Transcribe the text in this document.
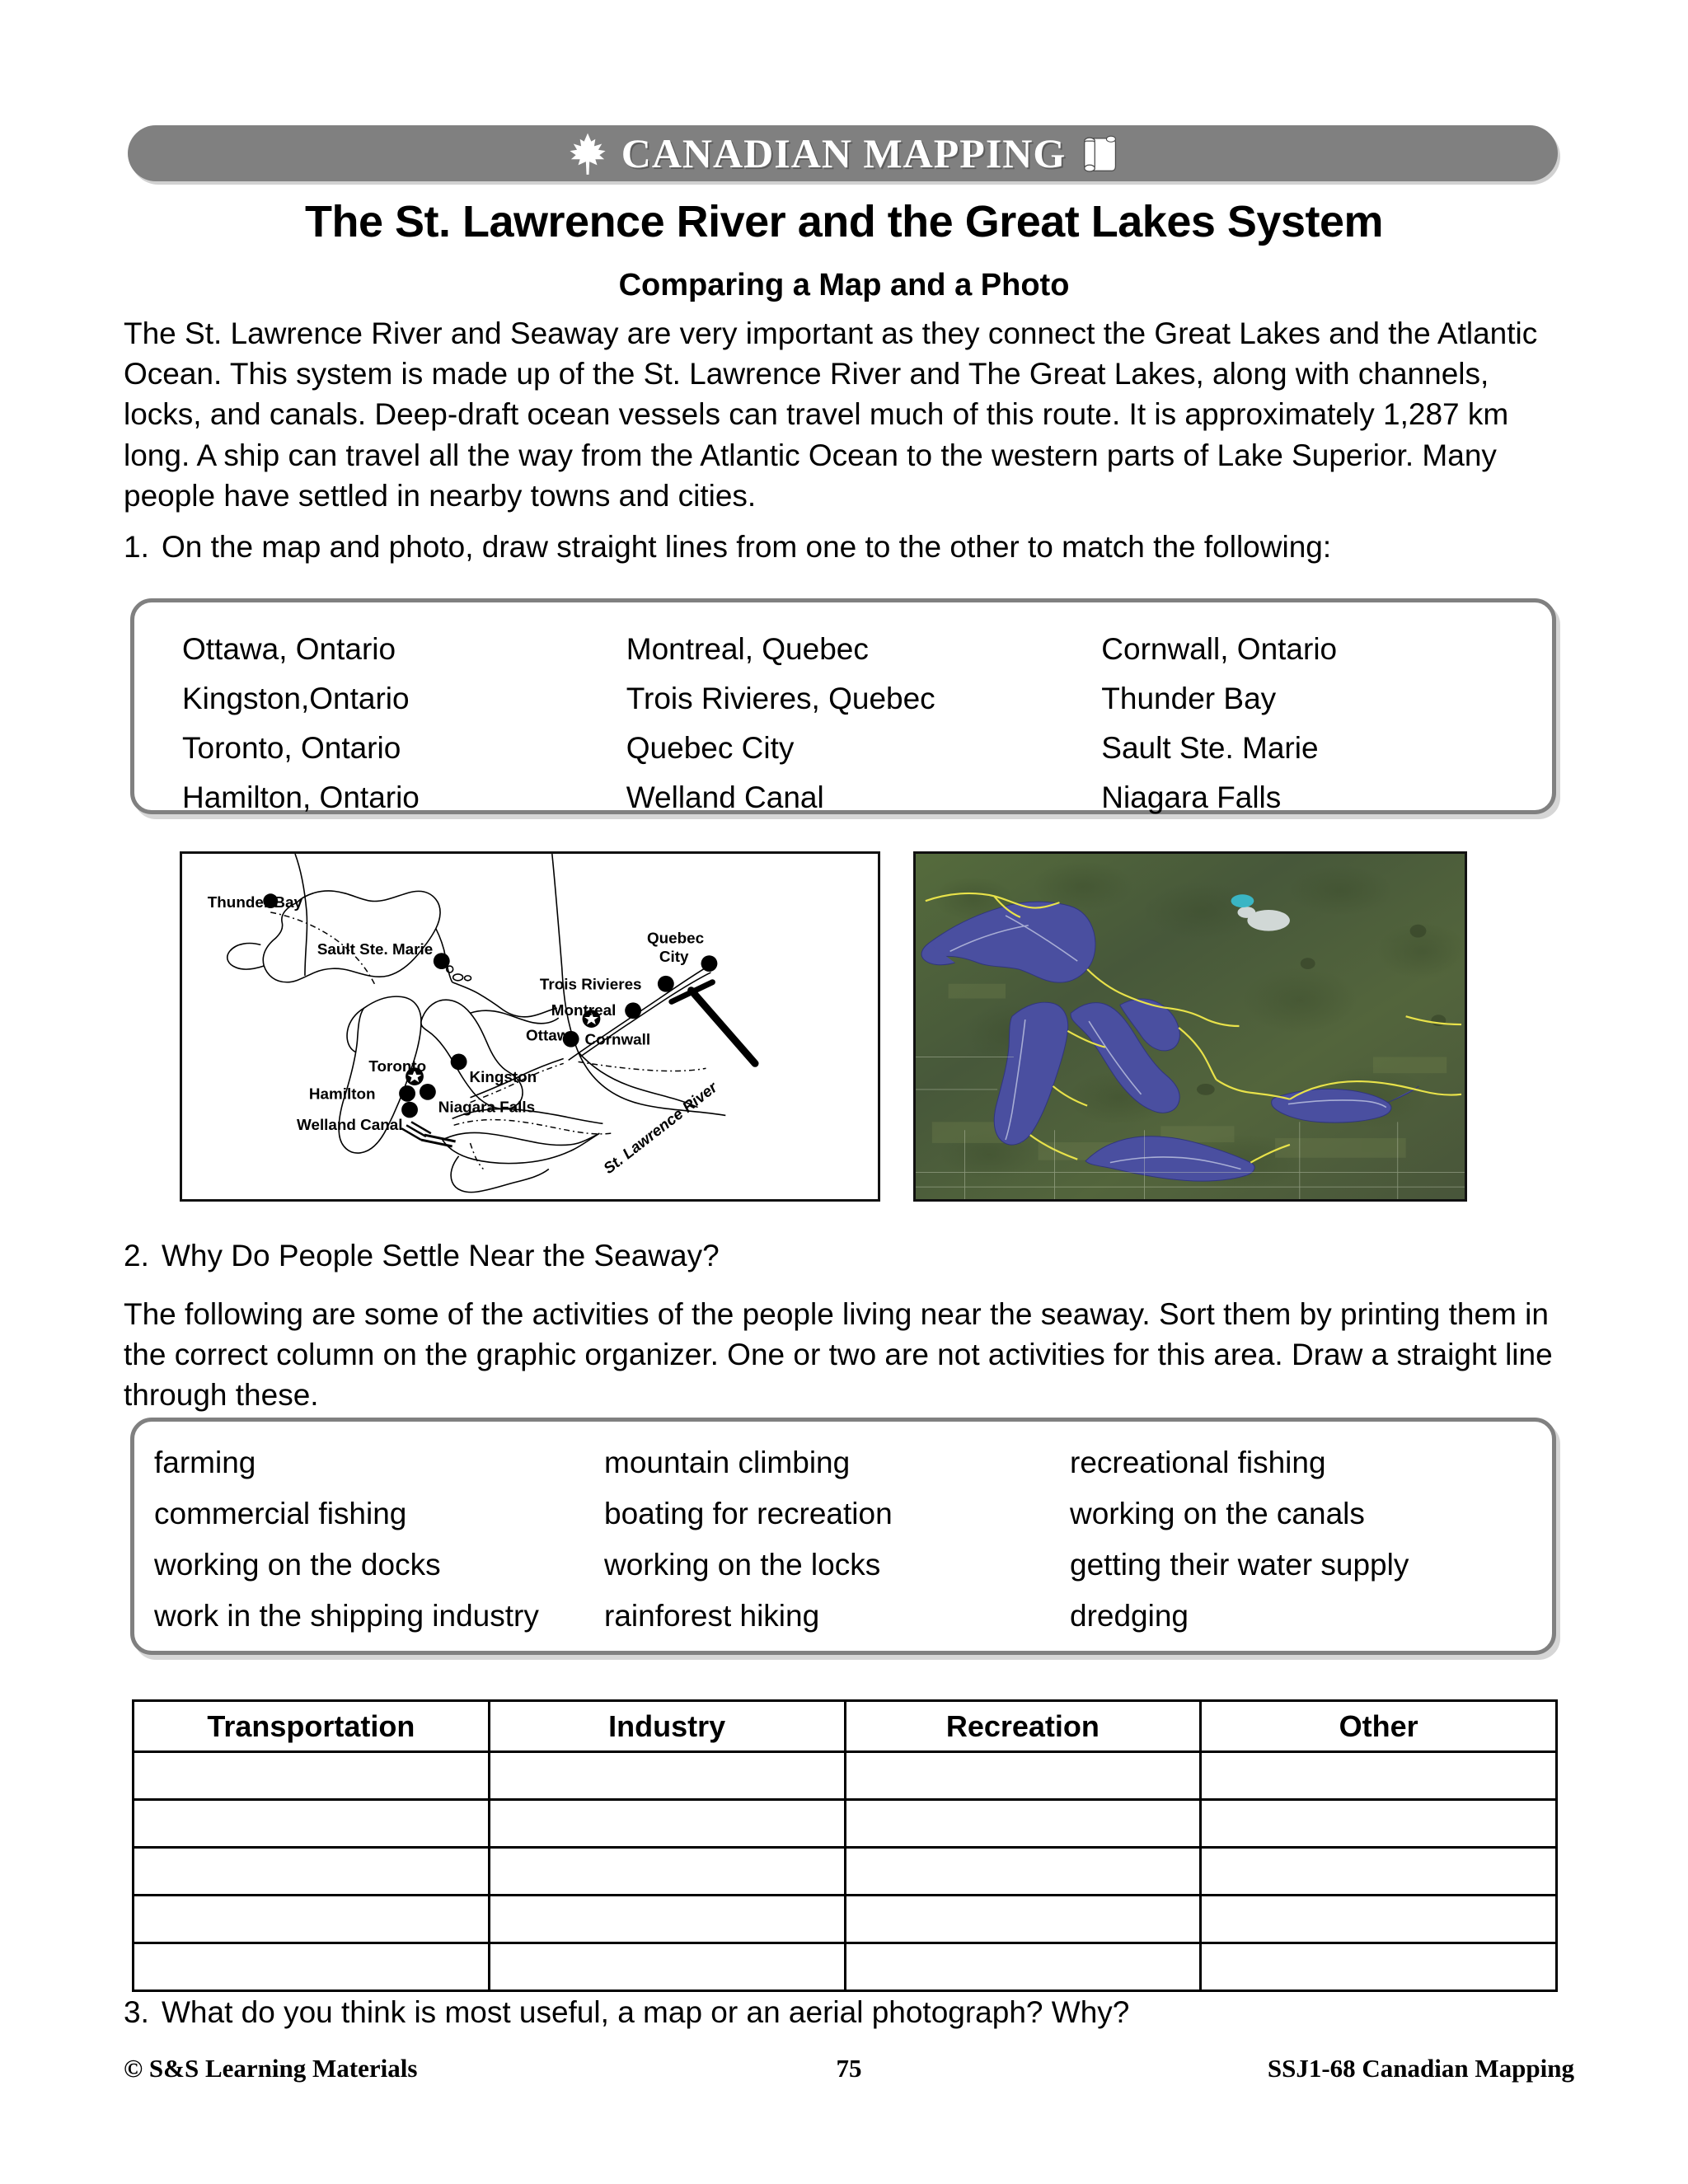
CANADIAN MAPPING
The St. Lawrence River and the Great Lakes System
Comparing a Map and a Photo
The St. Lawrence River and Seaway are very important as they connect the Great Lakes and the Atlantic Ocean. This system is made up of the St. Lawrence River and The Great Lakes, along with channels, locks, and canals. Deep-draft ocean vessels can travel much of this route. It is approximately 1,287 km long. A ship can travel all the way from the Atlantic Ocean to the western parts of Lake Superior. Many people have settled in nearby towns and cities.
1. On the map and photo, draw straight lines from one to the other to match the following:
Ottawa, Ontario	Montreal, Quebec	Cornwall, Ontario
Kingston,Ontario	Trois Rivieres, Quebec	Thunder Bay
Toronto, Ontario	Quebec City	Sault Ste. Marie
Hamilton, Ontario	Welland Canal	Niagara Falls
Thunder Bay
Sault Ste. Marie
Quebec
City
Trois Rivieres
Montreal
Ottawa Cornwall
Toronto
Kingston
Hamilton
Niagara Falls
Welland Canal	St. Lawrence River
2. Why Do People Settle Near the Seaway?
The following are some of the activities of the people living near the seaway. Sort them by printing them in the correct column on the graphic organizer. One or two are not activities for this area. Draw a straight line through these.
farming	mountain climbing	recreational fishing
commercial fishing	boating for recreation	working on the canals
working on the docks	working on the locks	getting their water supply
work in the shipping industry	rainforest hiking	dredging
Transportation	Industry	Recreation	Other

3. What do you think is most useful, a map or an aerial photograph? Why?
© S&S Learning Materials	75	SSJ1-68 Canadian Mapping
